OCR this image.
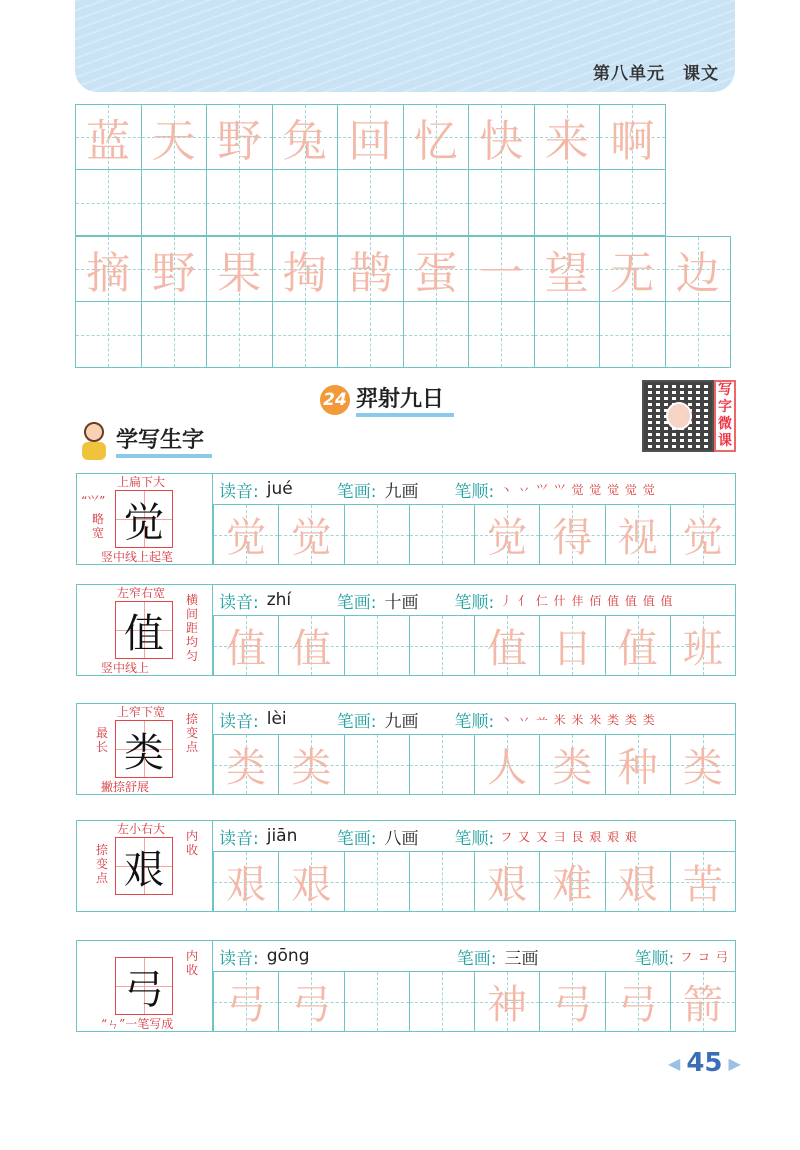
第八单元 课文
蓝 天 野 兔 回 忆 快 来 啊
摘 野 果 掏 鹊 蛋 一 望 无 边
24 羿射九日	写字微课
学写生字
觉
上扁下大
“⺍”
略宽
竖中线上起笔
读音: jué	笔画: 九画	笔顺: 丶 丷 𭕄 ⺍ 觉 觉 觉 觉 觉
觉 觉	觉 得 视 觉
值
左窄右宽 横间距均匀
竖中线上
读音: zhí	笔画: 十画	笔顺: 丿 亻 仁 什 仹 佰 值 值 值 值
值 值	值 日 值 班
类
上窄下宽
最长
捺变点
撇捺舒展
读音: lèi	笔画: 九画	笔顺: 丶 丷 䒑 米 米 米 类 类 类
类 类	人 类 种 类
艰
左小右大
捺变点
内收
读音: jiān	笔画: 八画	笔顺: フ 又 又 ⺕ 艮 艰 艰 艰
艰 艰	艰 难 艰 苦
弓
内收
“ㄣ”一笔写成
读音: gōng	笔画: 三画	笔顺: フ コ 弓
弓 弓	神 弓 弓 箭
◀ 45 ▶
